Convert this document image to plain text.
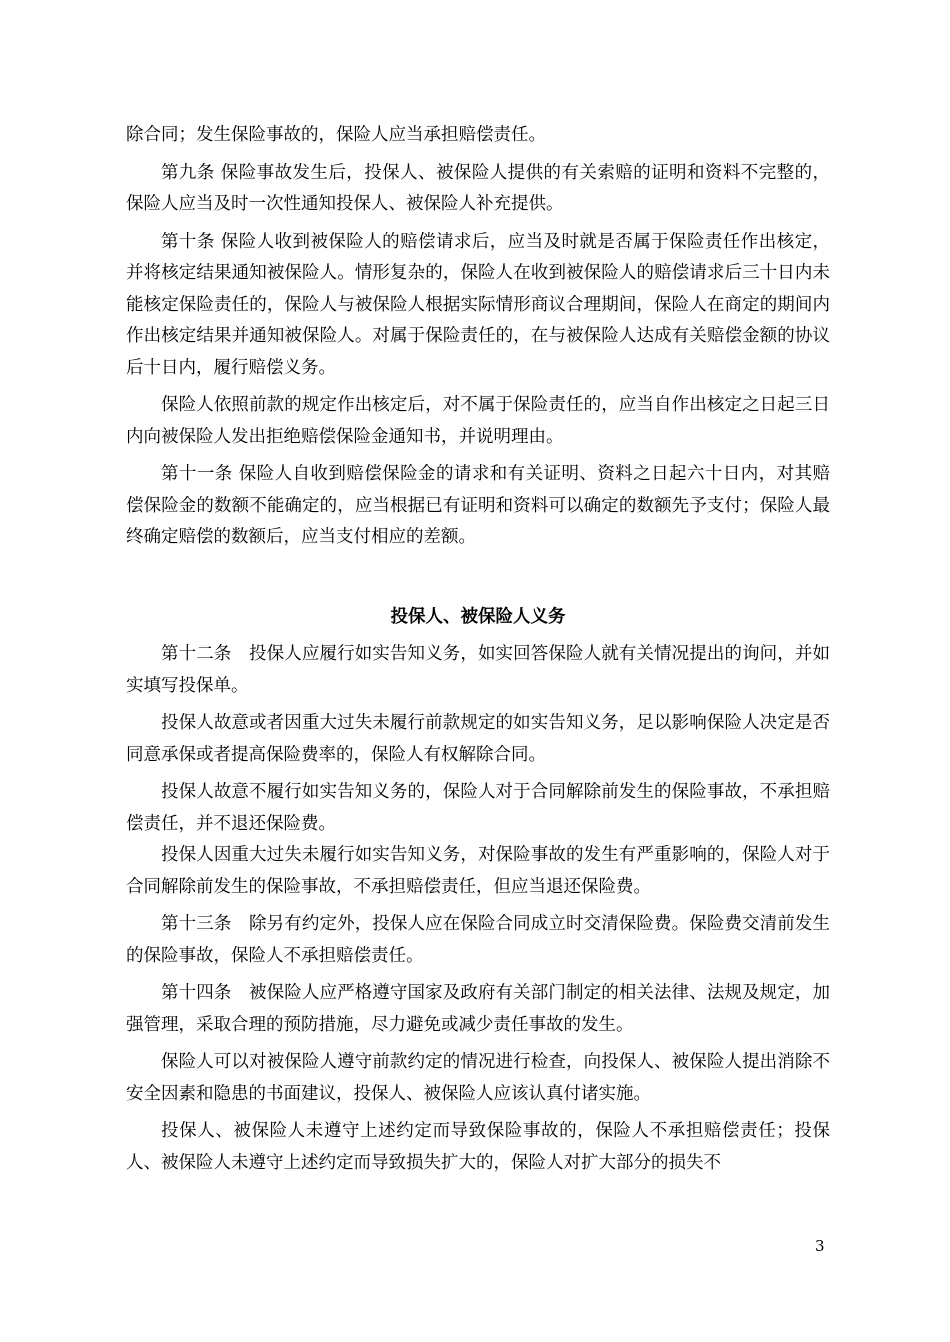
除合同；发生保险事故的，保险人应当承担赔偿责任。

第九条 保险事故发生后，投保人、被保险人提供的有关索赔的证明和资料不完整的，保险人应当及时一次性通知投保人、被保险人补充提供。

第十条 保险人收到被保险人的赔偿请求后，应当及时就是否属于保险责任作出核定，并将核定结果通知被保险人。情形复杂的，保险人在收到被保险人的赔偿请求后三十日内未能核定保险责任的，保险人与被保险人根据实际情形商议合理期间，保险人在商定的期间内作出核定结果并通知被保险人。对属于保险责任的，在与被保险人达成有关赔偿金额的协议后十日内，履行赔偿义务。

保险人依照前款的规定作出核定后，对不属于保险责任的，应当自作出核定之日起三日内向被保险人发出拒绝赔偿保险金通知书，并说明理由。

第十一条 保险人自收到赔偿保险金的请求和有关证明、资料之日起六十日内，对其赔偿保险金的数额不能确定的，应当根据已有证明和资料可以确定的数额先予支付；保险人最终确定赔偿的数额后，应当支付相应的差额。

投保人、被保险人义务

第十二条　投保人应履行如实告知义务，如实回答保险人就有关情况提出的询问，并如实填写投保单。

投保人故意或者因重大过失未履行前款规定的如实告知义务，足以影响保险人决定是否同意承保或者提高保险费率的，保险人有权解除合同。

投保人故意不履行如实告知义务的，保险人对于合同解除前发生的保险事故，不承担赔偿责任，并不退还保险费。

投保人因重大过失未履行如实告知义务，对保险事故的发生有严重影响的，保险人对于合同解除前发生的保险事故，不承担赔偿责任，但应当退还保险费。

第十三条　除另有约定外，投保人应在保险合同成立时交清保险费。保险费交清前发生的保险事故，保险人不承担赔偿责任。

第十四条　被保险人应严格遵守国家及政府有关部门制定的相关法律、法规及规定，加强管理，采取合理的预防措施，尽力避免或减少责任事故的发生。

保险人可以对被保险人遵守前款约定的情况进行检查，向投保人、被保险人提出消除不安全因素和隐患的书面建议，投保人、被保险人应该认真付诸实施。

投保人、被保险人未遵守上述约定而导致保险事故的，保险人不承担赔偿责任；投保人、被保险人未遵守上述约定而导致损失扩大的，保险人对扩大部分的损失不

3
